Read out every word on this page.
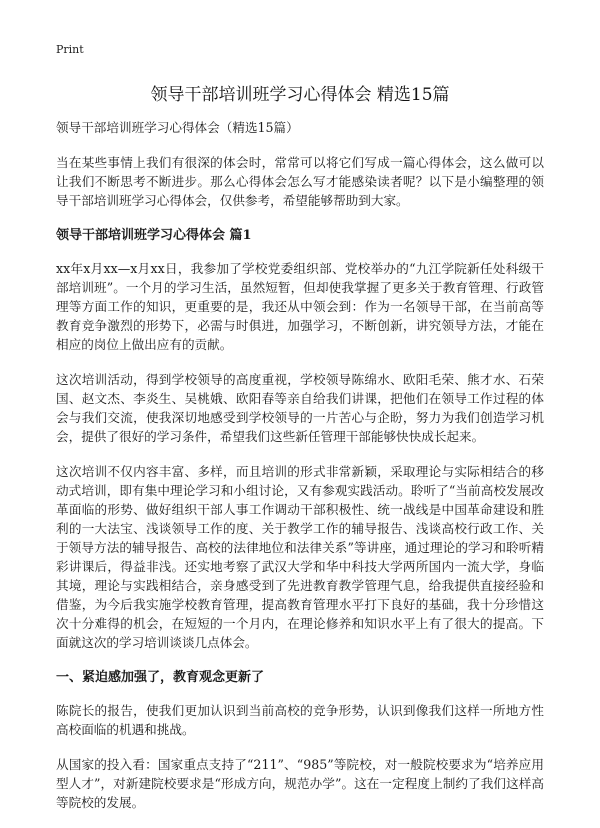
Print
领导干部培训班学习心得体会 精选15篇

领导干部培训班学习心得体会（精选15篇）

当在某些事情上我们有很深的体会时，常常可以将它们写成一篇心得体会，这么做可以让我们不断思考不断进步。那么心得体会怎么写才能感染读者呢？以下是小编整理的领导干部培训班学习心得体会，仅供参考，希望能够帮助到大家。

领导干部培训班学习心得体会 篇1

xx年x月xx—x月xx日，我参加了学校党委组织部、党校举办的“九江学院新任处科级干部培训班”。一个月的学习生活，虽然短暂，但却使我掌握了更多关于教育管理、行政管理等方面工作的知识，更重要的是，我还从中领会到：作为一名领导干部，在当前高等教育竞争激烈的形势下，必需与时俱进，加强学习，不断创新，讲究领导方法，才能在相应的岗位上做出应有的贡献。

这次培训活动，得到学校领导的高度重视，学校领导陈绵水、欧阳毛荣、熊才水、石荣国、赵文杰、李炎生、吴桃娥、欧阳春等亲自给我们讲课，把他们在领导工作过程的体会与我们交流，使我深切地感受到学校领导的一片苦心与企盼，努力为我们创造学习机会，提供了很好的学习条件，希望我们这些新任管理干部能够快快成长起来。

这次培训不仅内容丰富、多样，而且培训的形式非常新颖，采取理论与实际相结合的移动式培训，即有集中理论学习和小组讨论，又有参观实践活动。聆听了“当前高校发展改革面临的形势、做好组织干部人事工作调动干部积极性、统一战线是中国革命建设和胜利的一大法宝、浅谈领导工作的度、关于教学工作的辅导报告、浅谈高校行政工作、关于领导方法的辅导报告、高校的法律地位和法律关系”等讲座，通过理论的学习和聆听精彩讲课后，得益非浅。还实地考察了武汉大学和华中科技大学两所国内一流大学，身临其境，理论与实践相结合，亲身感受到了先进教育教学管理气息，给我提供直接经验和借鉴，为今后我实施学校教育管理，提高教育管理水平打下良好的基础，我十分珍惜这次十分难得的机会，在短短的一个月内，在理论修养和知识水平上有了很大的提高。下面就这次的学习培训谈谈几点体会。

一、紧迫感加强了，教育观念更新了

陈院长的报告，使我们更加认识到当前高校的竞争形势，认识到像我们这样一所地方性高校面临的机遇和挑战。

从国家的投入看：国家重点支持了“211”、“985”等院校，对一般院校要求为“培养应用型人才”，对新建院校要求是“形成方向，规范办学”。这在一定程度上制约了我们这样高等院校的发展。
